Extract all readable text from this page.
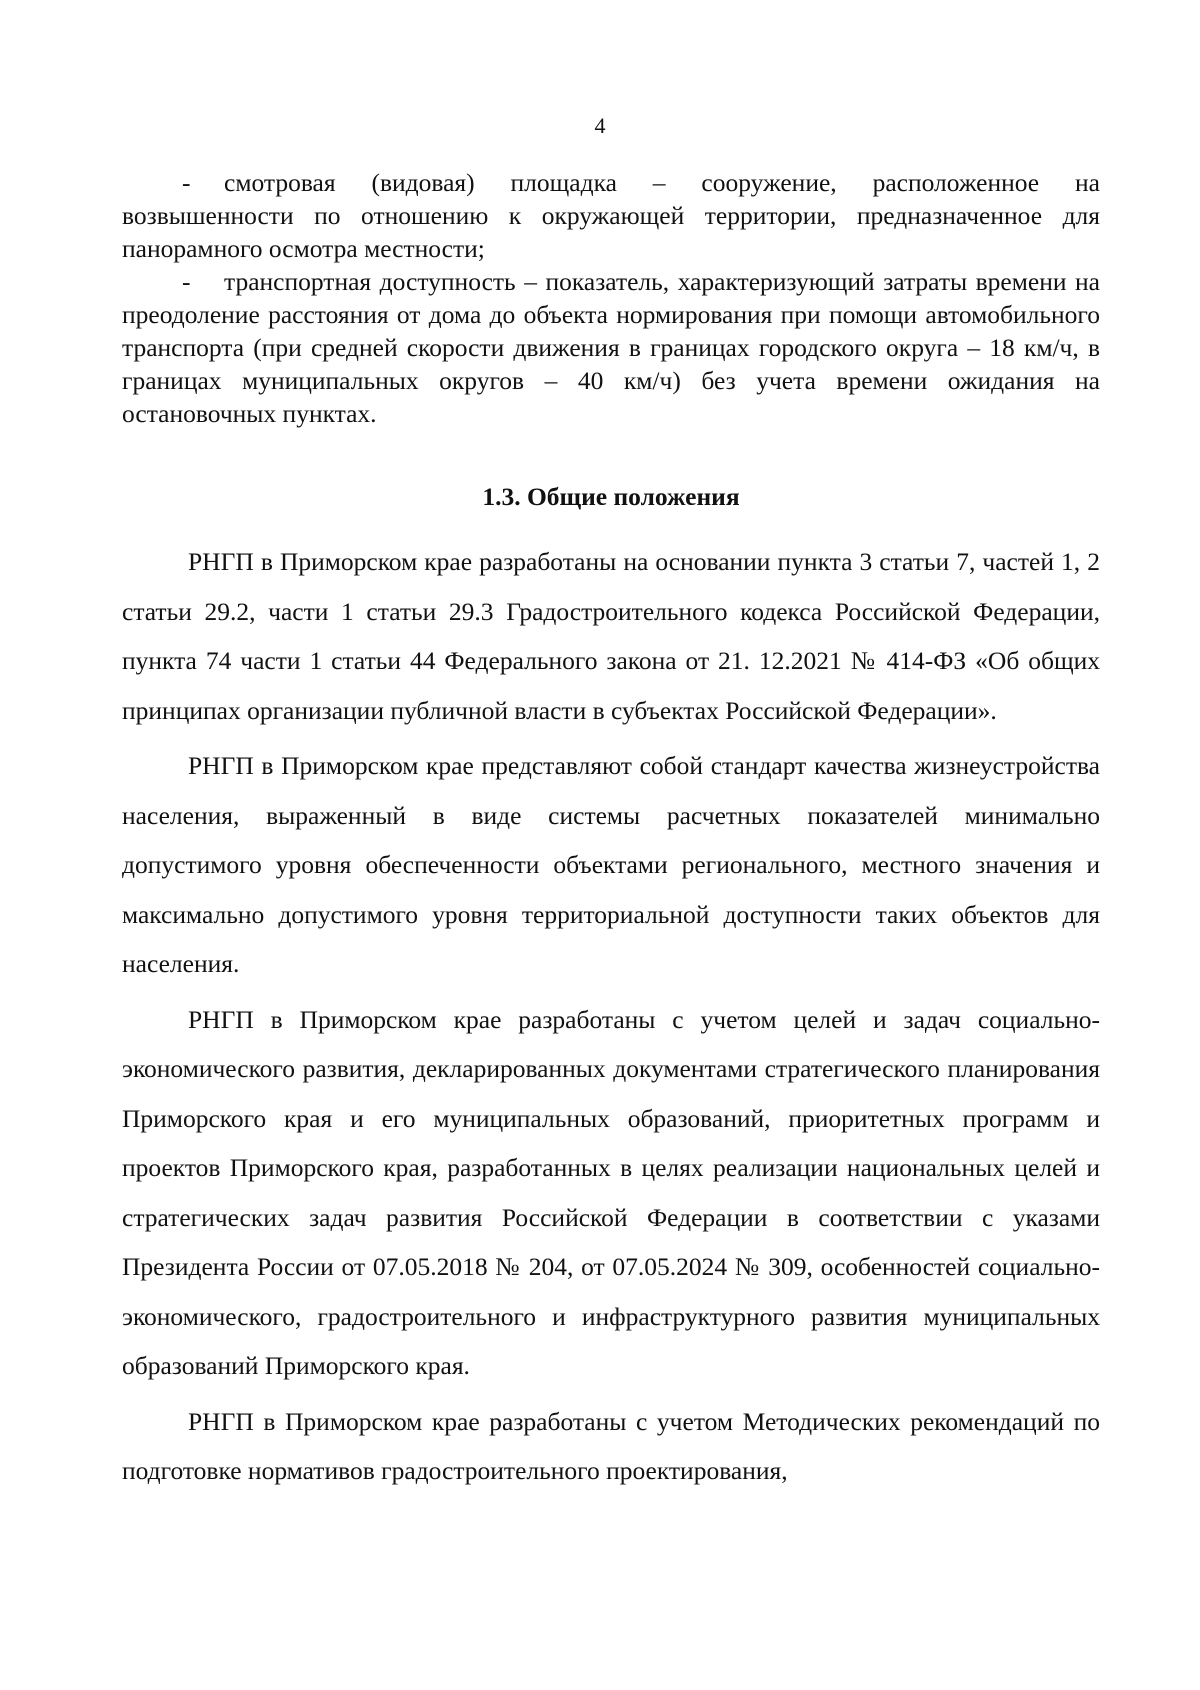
4

- смотровая (видовая) площадка – сооружение, расположенное на возвышенности по отношению к окружающей территории, предназначенное для панорамного осмотра местности;

- транспортная доступность – показатель, характеризующий затраты времени на преодоление расстояния от дома до объекта нормирования при помощи автомобильного транспорта (при средней скорости движения в границах городского округа – 18 км/ч, в границах муниципальных округов – 40 км/ч) без учета времени ожидания на остановочных пунктах.

1.3. Общие положения

РНГП в Приморском крае разработаны на основании пункта 3 статьи 7, частей 1, 2 статьи 29.2, части 1 статьи 29.3 Градостроительного кодекса Российской Федерации, пункта 74 части 1 статьи 44 Федерального закона от 21. 12.2021 № 414-ФЗ «Об общих принципах организации публичной власти в субъектах Российской Федерации».

РНГП в Приморском крае представляют собой стандарт качества жизнеустройства населения, выраженный в виде системы расчетных показателей минимально допустимого уровня обеспеченности объектами регионального, местного значения и максимально допустимого уровня территориальной доступности таких объектов для населения.

РНГП в Приморском крае разработаны с учетом целей и задач социально-экономического развития, декларированных документами стратегического планирования Приморского края и его муниципальных образований, приоритетных программ и проектов Приморского края, разработанных в целях реализации национальных целей и стратегических задач развития Российской Федерации в соответствии с указами Президента России от 07.05.2018 № 204, от 07.05.2024 № 309, особенностей социально-экономического, градостроительного и инфраструктурного развития муниципальных образований Приморского края.

РНГП в Приморском крае разработаны с учетом Методических рекомендаций по подготовке нормативов градостроительного проектирования,
